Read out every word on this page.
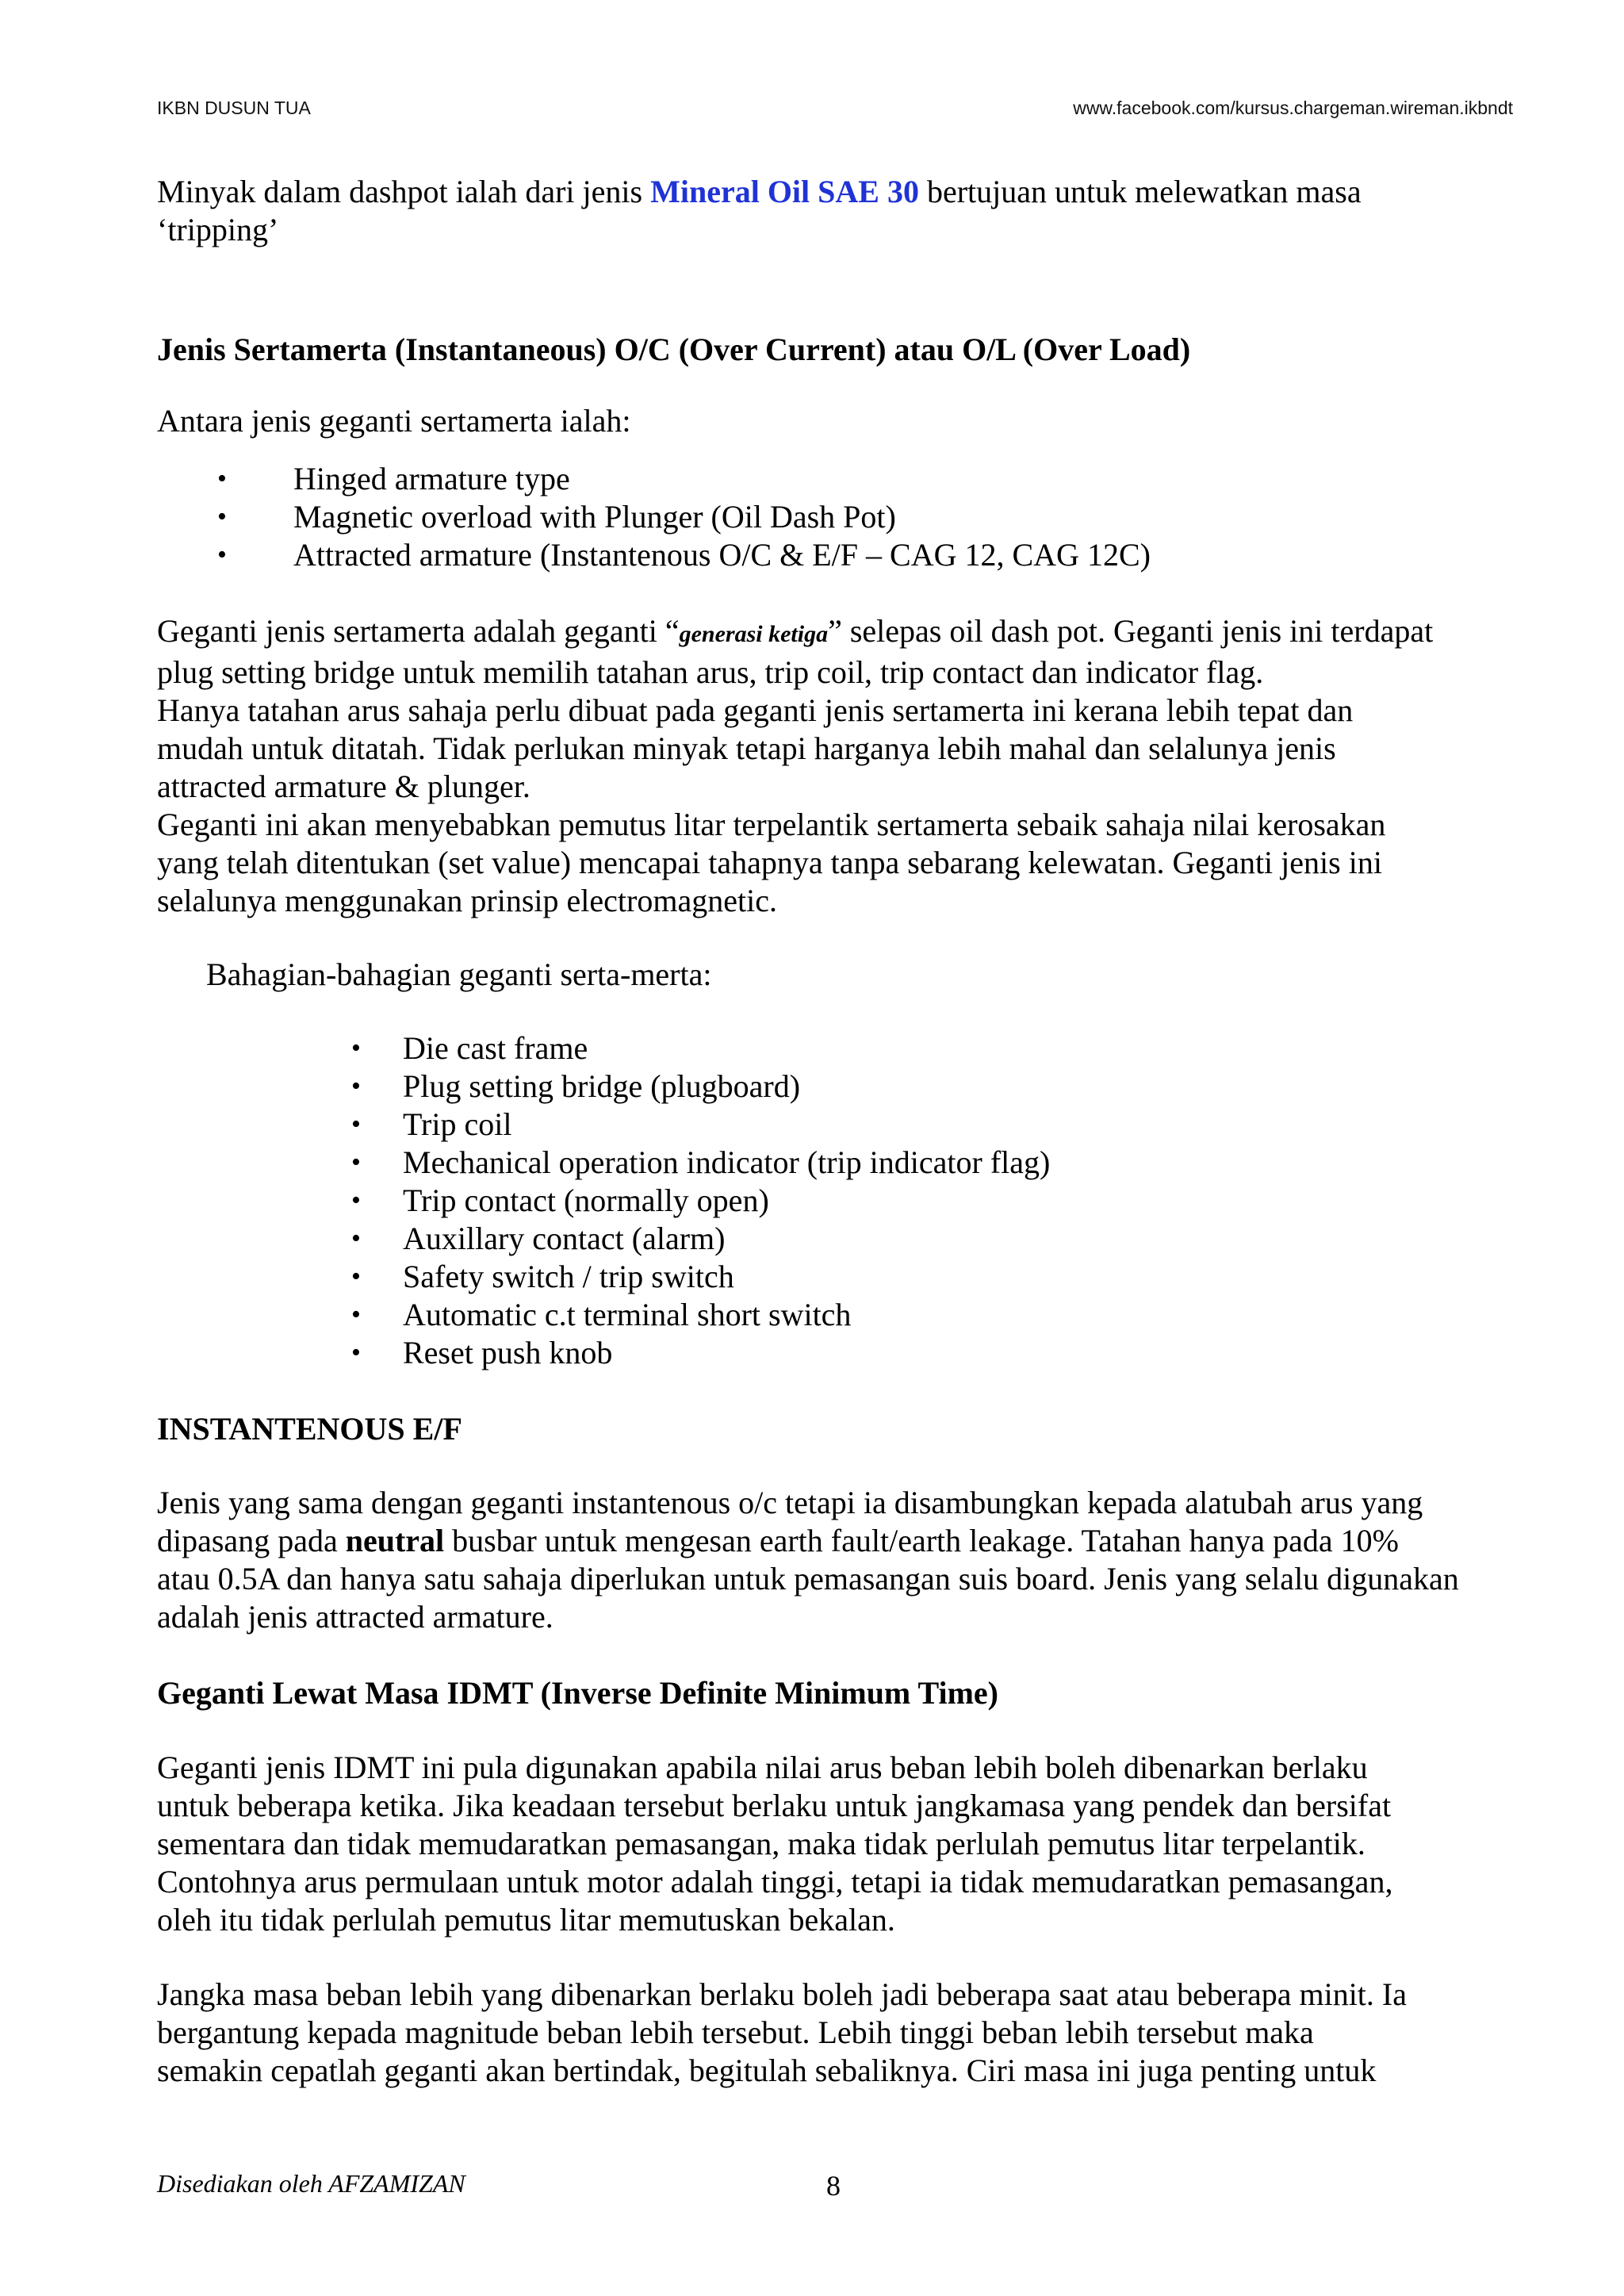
IKBN DUSUN TUA	www.facebook.com/kursus.chargeman.wireman.ikbndt

Minyak dalam dashpot ialah dari jenis Mineral Oil SAE 30 bertujuan untuk melewatkan masa
‘tripping’

Jenis Sertamerta (Instantaneous) O/C (Over Current) atau O/L (Over Load)

Antara jenis geganti sertamerta ialah:

• Hinged armature type
• Magnetic overload with Plunger (Oil Dash Pot)
• Attracted armature (Instantenous O/C & E/F – CAG 12, CAG 12C)

Geganti jenis sertamerta adalah geganti “generasi ketiga” selepas oil dash pot. Geganti jenis ini terdapat
plug setting bridge untuk memilih tatahan arus, trip coil, trip contact dan indicator flag.
Hanya tatahan arus sahaja perlu dibuat pada geganti jenis sertamerta ini kerana lebih tepat dan
mudah untuk ditatah. Tidak perlukan minyak tetapi harganya lebih mahal dan selalunya jenis
attracted armature & plunger.
Geganti ini akan menyebabkan pemutus litar terpelantik sertamerta sebaik sahaja nilai kerosakan
yang telah ditentukan (set value) mencapai tahapnya tanpa sebarang kelewatan. Geganti jenis ini
selalunya menggunakan prinsip electromagnetic.

Bahagian-bahagian geganti serta-merta:

• Die cast frame
• Plug setting bridge (plugboard)
• Trip coil
• Mechanical operation indicator (trip indicator flag)
• Trip contact (normally open)
• Auxillary contact (alarm)
• Safety switch / trip switch
• Automatic c.t terminal short switch
• Reset push knob

INSTANTENOUS E/F

Jenis yang sama dengan geganti instantenous o/c tetapi ia disambungkan kepada alatubah arus yang
dipasang pada neutral busbar untuk mengesan earth fault/earth leakage. Tatahan hanya pada 10%
atau 0.5A dan hanya satu sahaja diperlukan untuk pemasangan suis board. Jenis yang selalu digunakan
adalah jenis attracted armature.

Geganti Lewat Masa IDMT (Inverse Definite Minimum Time)

Geganti jenis IDMT ini pula digunakan apabila nilai arus beban lebih boleh dibenarkan berlaku
untuk beberapa ketika. Jika keadaan tersebut berlaku untuk jangkamasa yang pendek dan bersifat
sementara dan tidak memudaratkan pemasangan, maka tidak perlulah pemutus litar terpelantik.
Contohnya arus permulaan untuk motor adalah tinggi, tetapi ia tidak memudaratkan pemasangan,
oleh itu tidak perlulah pemutus litar memutuskan bekalan.

Jangka masa beban lebih yang dibenarkan berlaku boleh jadi beberapa saat atau beberapa minit. Ia
bergantung kepada magnitude beban lebih tersebut. Lebih tinggi beban lebih tersebut maka
semakin cepatlah geganti akan bertindak, begitulah sebaliknya. Ciri masa ini juga penting untuk

Disediakan oleh AFZAMIZAN	8
